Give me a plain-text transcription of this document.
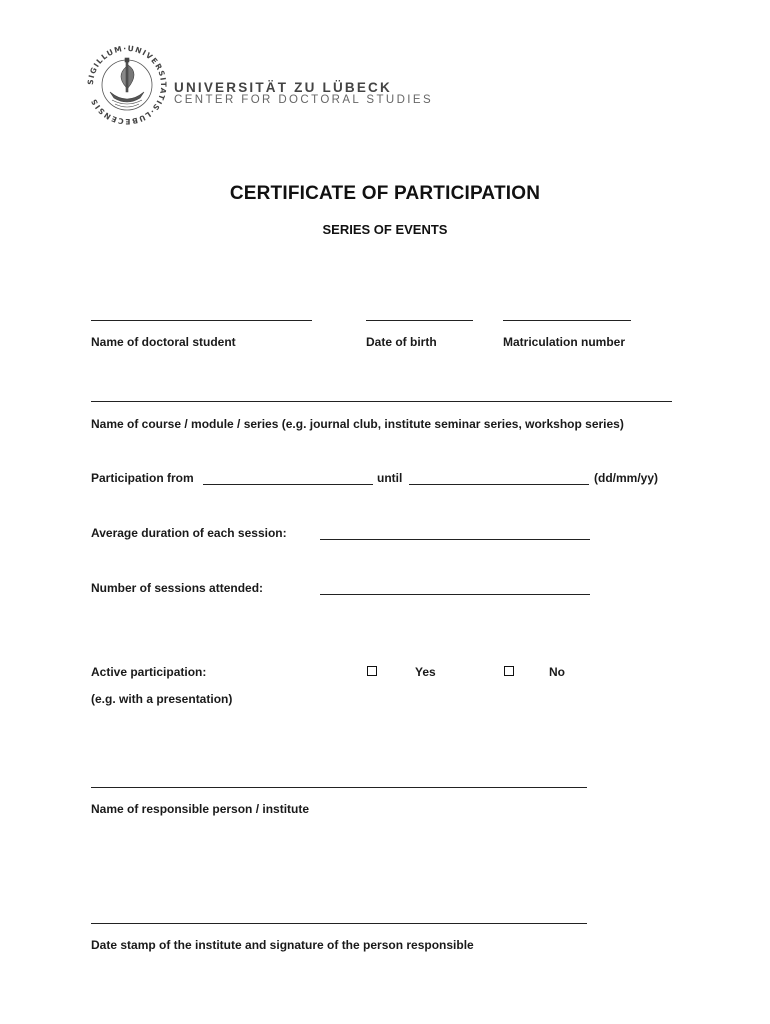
SIGILLUM·UNIVERSITATIS·LUBECENSIS
UNIVERSITÄT ZU LÜBECK
CENTER FOR DOCTORAL STUDIES
CERTIFICATE OF PARTICIPATION
SERIES OF EVENTS
Name of doctoral student	Date of birth	Matriculation number
Name of course / module / series (e.g. journal club, institute seminar series, workshop series)
Participation from	until	(dd/mm/yy)
Average duration of each session:
Number of sessions attended:
Active participation:	Yes	No
(e.g. with a presentation)
Name of responsible person / institute
Date stamp of the institute and signature of the person responsible
